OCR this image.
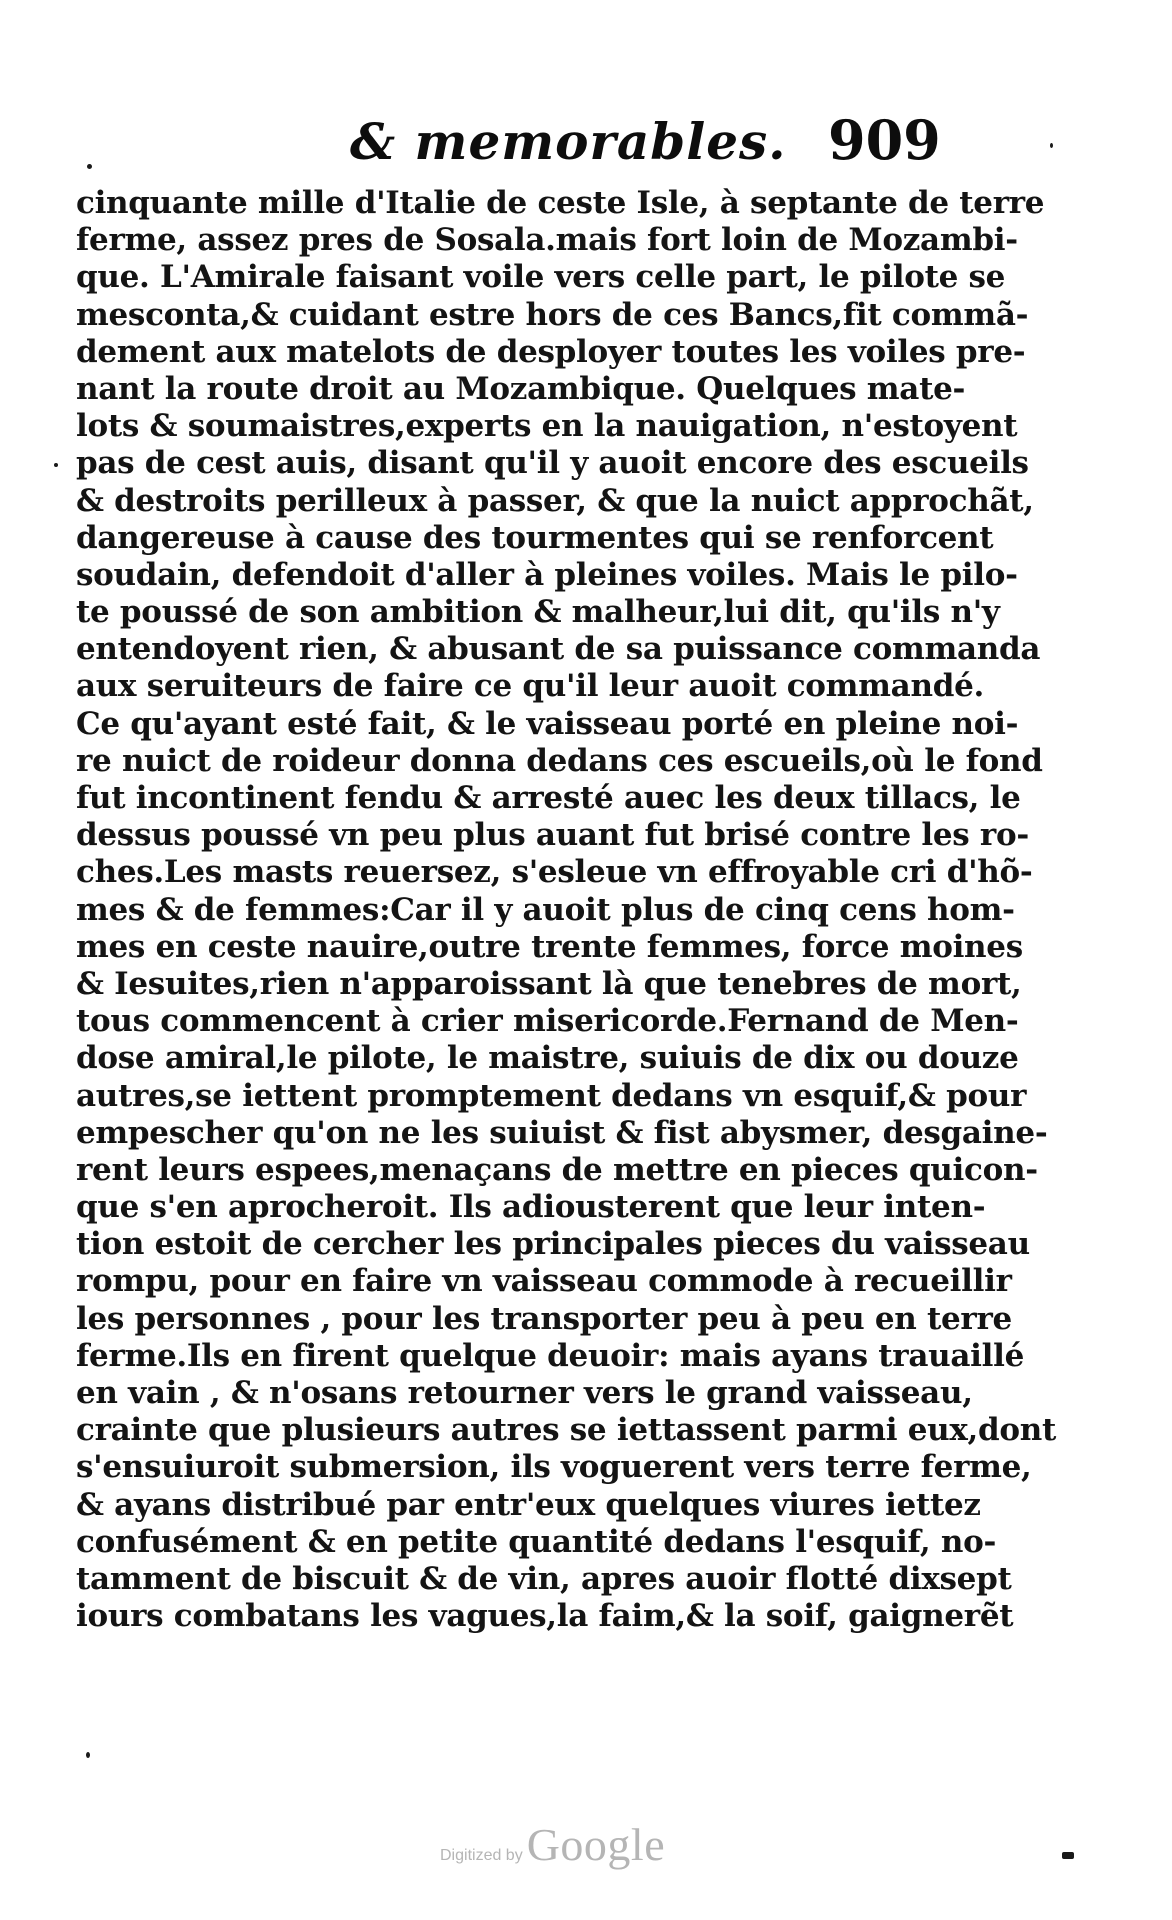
& memorables. 909
cinquante mille d'Italie de ceste Isle, à septante de terre
ferme, assez pres de Sosala.mais fort loin de Mozambi-
que. L'Amirale faisant voile vers celle part, le pilote se
mesconta,& cuidant estre hors de ces Bancs,fit commã-
dement aux matelots de desployer toutes les voiles pre-
nant la route droit au Mozambique. Quelques mate-
lots & soumaistres,experts en la nauigation, n'estoyent
pas de cest auis, disant qu'il y auoit encore des escueils
& destroits perilleux à passer, & que la nuict approchãt,
dangereuse à cause des tourmentes qui se renforcent
soudain, defendoit d'aller à pleines voiles. Mais le pilo-
te poussé de son ambition & malheur,lui dit, qu'ils n'y
entendoyent rien, & abusant de sa puissance commanda
aux seruiteurs de faire ce qu'il leur auoit commandé.
Ce qu'ayant esté fait, & le vaisseau porté en pleine noi-
re nuict de roideur donna dedans ces escueils,où le fond
fut incontinent fendu & arresté auec les deux tillacs, le
dessus poussé vn peu plus auant fut brisé contre les ro-
ches.Les masts reuersez, s'esleue vn effroyable cri d'hõ-
mes & de femmes:Car il y auoit plus de cinq cens hom-
mes en ceste nauire,outre trente femmes, force moines
& Iesuites,rien n'apparoissant là que tenebres de mort,
tous commencent à crier misericorde.Fernand de Men-
dose amiral,le pilote, le maistre, suiuis de dix ou douze
autres,se iettent promptement dedans vn esquif,& pour
empescher qu'on ne les suiuist & fist abysmer, desgaine-
rent leurs espees,menaçans de mettre en pieces quicon-
que s'en aprocheroit. Ils adiousterent que leur inten-
tion estoit de cercher les principales pieces du vaisseau
rompu, pour en faire vn vaisseau commode à recueillir
les personnes , pour les transporter peu à peu en terre
ferme.Ils en firent quelque deuoir: mais ayans trauaillé
en vain , & n'osans retourner vers le grand vaisseau,
crainte que plusieurs autres se iettassent parmi eux,dont
s'ensuiuroit submersion, ils voguerent vers terre ferme,
& ayans distribué par entr'eux quelques viures iettez
confusément & en petite quantité dedans l'esquif, no-
tamment de biscuit & de vin, apres auoir flotté dixsept
iours combatans les vagues,la faim,& la soif, gaignerẽt
Digitized by Google
